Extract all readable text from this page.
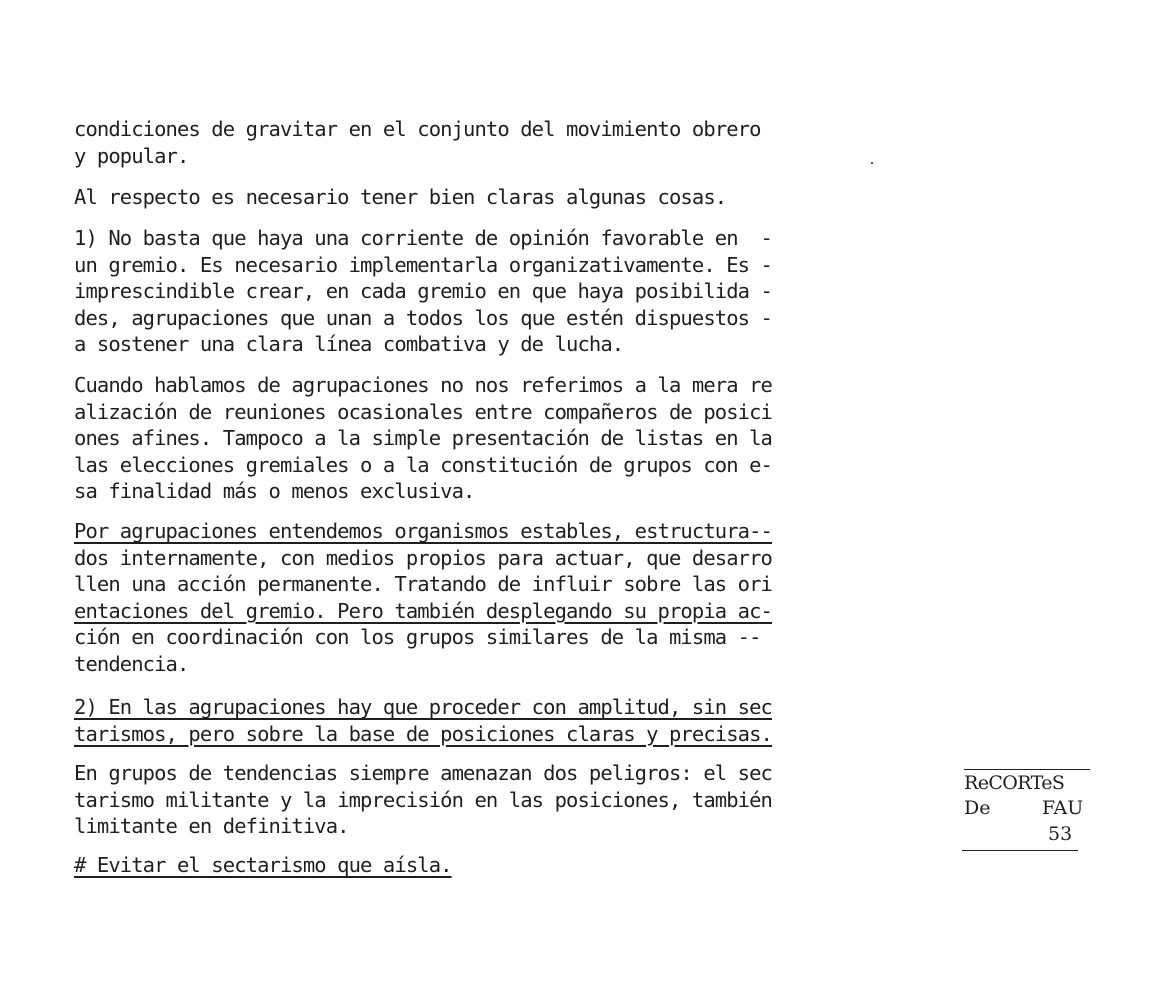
condiciones de gravitar en el conjunto del movimiento obrero
y popular.
Al respecto es necesario tener bien claras algunas cosas.
1) No basta que haya una corriente de opinión favorable en  -
un gremio. Es necesario implementarla organizativamente. Es -
imprescindible crear, en cada gremio en que haya posibilida -
des, agrupaciones que unan a todos los que estén dispuestos -
a sostener una clara línea combativa y de lucha.
Cuando hablamos de agrupaciones no nos referimos a la mera re
alización de reuniones ocasionales entre compañeros de posici
ones afines. Tampoco a la simple presentación de listas en la
las elecciones gremiales o a la constitución de grupos con e-
sa finalidad más o menos exclusiva.
Por agrupaciones entendemos organismos estables, estructura--
dos internamente, con medios propios para actuar, que desarro
llen una acción permanente. Tratando de influir sobre las ori
entaciones del gremio. Pero también desplegando su propia ac-
ción en coordinación con los grupos similares de la misma --
tendencia.
2) En las agrupaciones hay que proceder con amplitud, sin sec
tarismos, pero sobre la base de posiciones claras y precisas.
En grupos de tendencias siempre amenazan dos peligros: el sec
tarismo militante y la imprecisión en las posiciones, también
limitante en definitiva.
# Evitar el sectarismo que aísla.
ReCORTeS
De	FAU
53
